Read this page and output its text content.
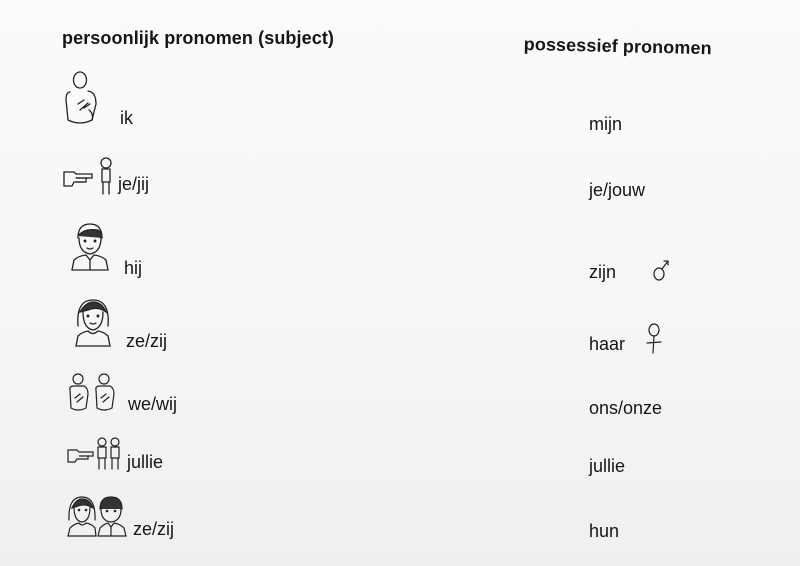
persoonlijk pronomen (subject)	possessief pronomen
ik	mijn
je/jij	je/jouw
hij	zijn
ze/zij	haar
we/wij	ons/onze
jullie	jullie
ze/zij	hun
